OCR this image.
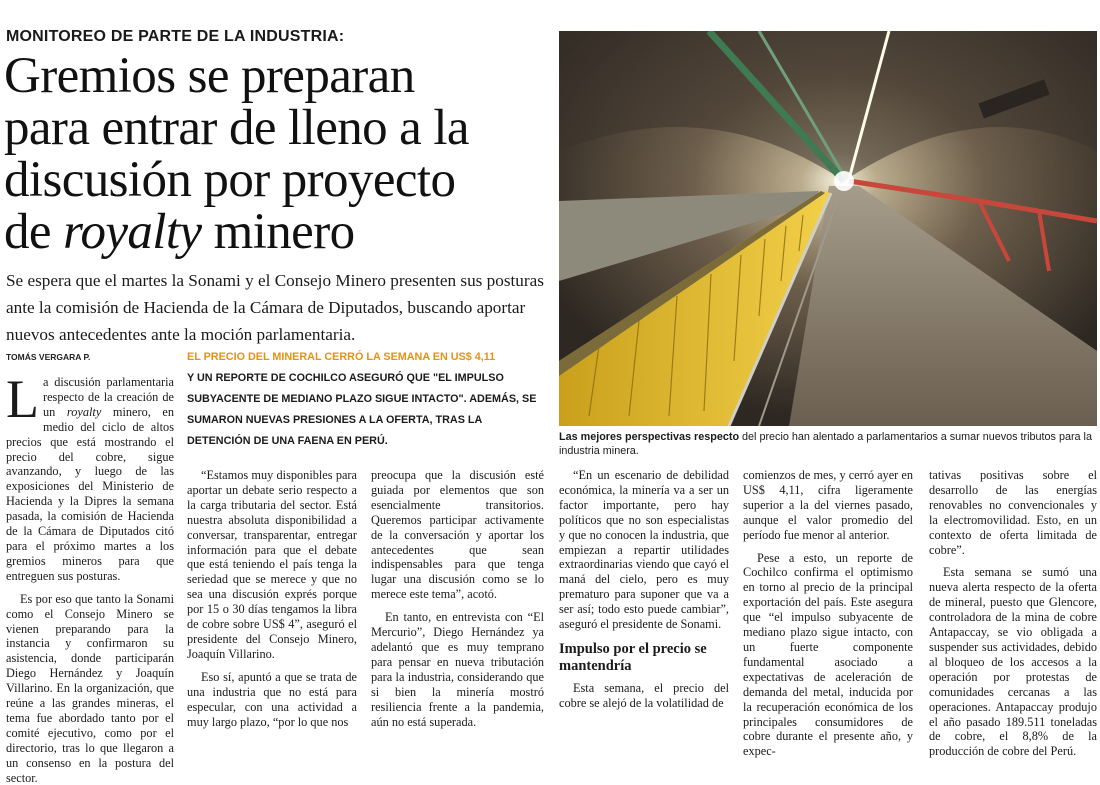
MONITOREO DE PARTE DE LA INDUSTRIA:
Gremios se preparan
para entrar de lleno a la
discusión por proyecto
de royalty minero
Se espera que el martes la Sonami y el Consejo Minero presenten sus posturas ante la comisión de Hacienda de la Cámara de Diputados, buscando aportar nuevos antecedentes ante la moción parlamentaria.
TOMÁS VERGARA P.	EL PRECIO DEL MINERAL CERRÓ LA SEMANA EN US$ 4,11
Y UN REPORTE DE COCHILCO ASEGURÓ QUE "EL IMPULSO SUBYACENTE DE MEDIANO PLAZO SIGUE INTACTO". ADEMÁS, SE SUMARON NUEVAS PRESIONES A LA OFERTA, TRAS LA DETENCIÓN DE UNA FAENA EN PERÚ.	Las mejores perspectivas respecto del precio han alentado a parlamentarios a sumar nuevos tributos para la industria minera.

La discusión parlamentaria respecto de la creación de un royalty minero, en medio del ciclo de altos precios que está mostrando el precio del cobre, sigue avanzando, y luego de las exposiciones del Ministerio de Hacienda y la Dipres la semana pasada, la comisión de Hacienda de la Cámara de Diputados citó para el próximo martes a los gremios mineros para que entreguen sus posturas.

Es por eso que tanto la Sonami como el Consejo Minero se vienen preparando para la instancia y confirmaron su asistencia, donde participarán Diego Hernández y Joaquín Villarino. En la organización, que reúne a las grandes mineras, el tema fue abordado tanto por el comité ejecutivo, como por el directorio, tras lo que llegaron a un consenso en la postura del sector.

“Estamos muy disponibles para aportar un debate serio respecto a la carga tributaria del sector. Está nuestra absoluta disponibilidad a conversar, transparentar, entregar información para que el debate que está teniendo el país tenga la seriedad que se merece y que no sea una discusión exprés porque por 15 o 30 días tengamos la libra de cobre sobre US$ 4”, aseguró el presidente del Consejo Minero, Joaquín Villarino.

Eso sí, apuntó a que se trata de una industria que no está para especular, con una actividad a muy largo plazo, “por lo que nos

preocupa que la discusión esté guiada por elementos que son esencialmente transitorios. Queremos participar activamente de la conversación y aportar los antecedentes que sean indispensables para que tenga lugar una discusión como se lo merece este tema”, acotó.

En tanto, en entrevista con “El Mercurio”, Diego Hernández ya adelantó que es muy temprano para pensar en nueva tributación para la industria, considerando que si bien la minería mostró resiliencia frente a la pandemia, aún no está superada.

“En un escenario de debilidad económica, la minería va a ser un factor importante, pero hay políticos que no son especialistas y que no conocen la industria, que empiezan a repartir utilidades extraordinarias viendo que cayó el maná del cielo, pero es muy prematuro para suponer que va a ser así; todo esto puede cambiar”, aseguró el presidente de Sonami.

Impulso por el precio se mantendría

Esta semana, el precio del cobre se alejó de la volatilidad de

comienzos de mes, y cerró ayer en US$ 4,11, cifra ligeramente superior a la del viernes pasado, aunque el valor promedio del período fue menor al anterior.

Pese a esto, un reporte de Cochilco confirma el optimismo en torno al precio de la principal exportación del país. Este asegura que “el impulso subyacente de mediano plazo sigue intacto, con un fuerte componente fundamental asociado a expectativas de aceleración de demanda del metal, inducida por la recuperación económica de los principales consumidores de cobre durante el presente año, y expec-

tativas positivas sobre el desarrollo de las energías renovables no convencionales y la electromovilidad. Esto, en un contexto de oferta limitada de cobre”.

Esta semana se sumó una nueva alerta respecto de la oferta de mineral, puesto que Glencore, controladora de la mina de cobre Antapaccay, se vio obligada a suspender sus actividades, debido al bloqueo de los accesos a la operación por protestas de comunidades cercanas a las operaciones. Antapaccay produjo el año pasado 189.511 toneladas de cobre, el 8,8% de la producción de cobre del Perú.
